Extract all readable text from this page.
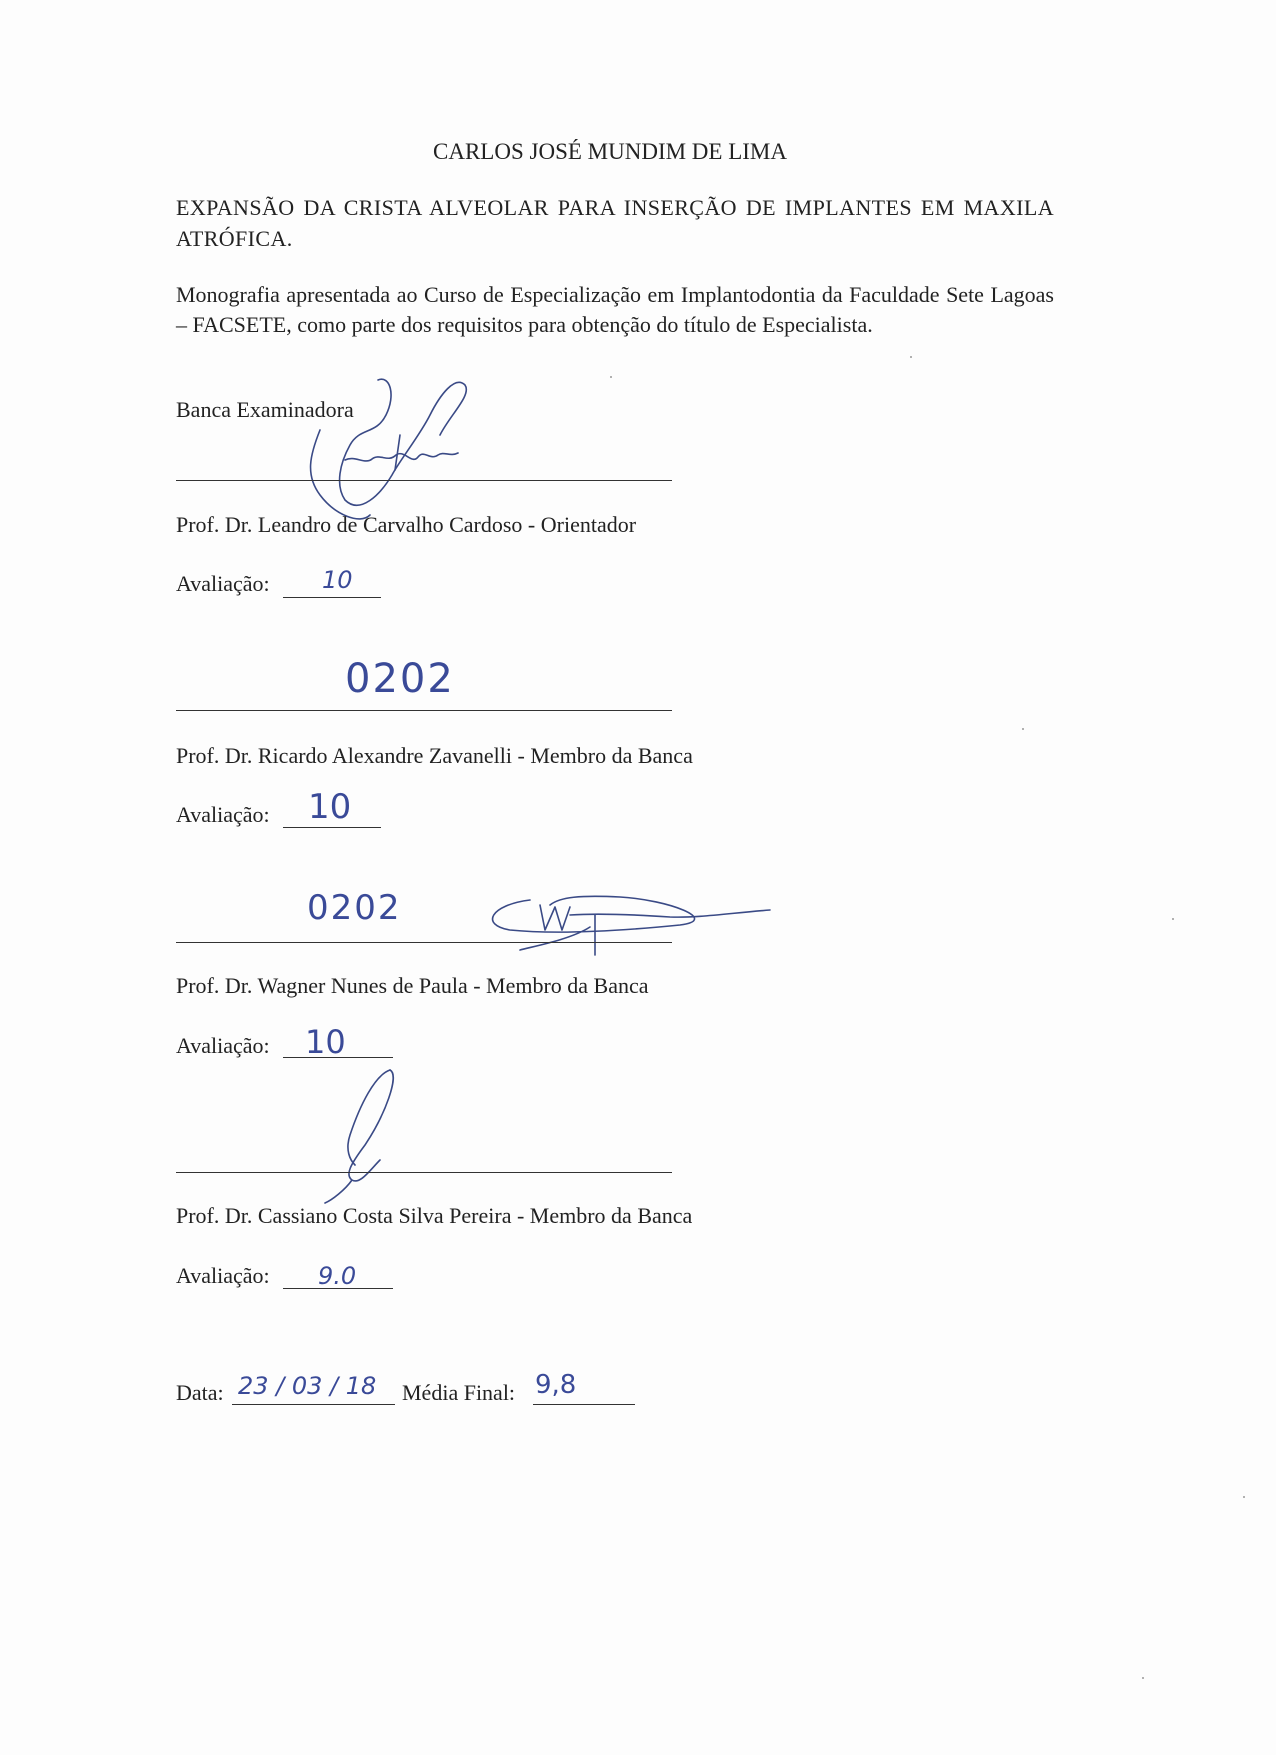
CARLOS JOSÉ MUNDIM DE LIMA
EXPANSÃO DA CRISTA ALVEOLAR PARA INSERÇÃO DE IMPLANTES EM MAXILA ATRÓFICA.
Monografia apresentada ao Curso de Especialização em Implantodontia da Faculdade Sete Lagoas – FACSETE, como parte dos requisitos para obtenção do título de Especialista.
Banca Examinadora
Prof. Dr. Leandro de Carvalho Cardoso - Orientador
Avaliação: 10
0202
Prof. Dr. Ricardo Alexandre Zavanelli - Membro da Banca
Avaliação: 10
0202
Prof. Dr. Wagner Nunes de Paula - Membro da Banca
Avaliação: 10
Prof. Dr. Cassiano Costa Silva Pereira - Membro da Banca
Avaliação: 9.0
Data: 23 / 03 / 18 Média Final: 9,8
